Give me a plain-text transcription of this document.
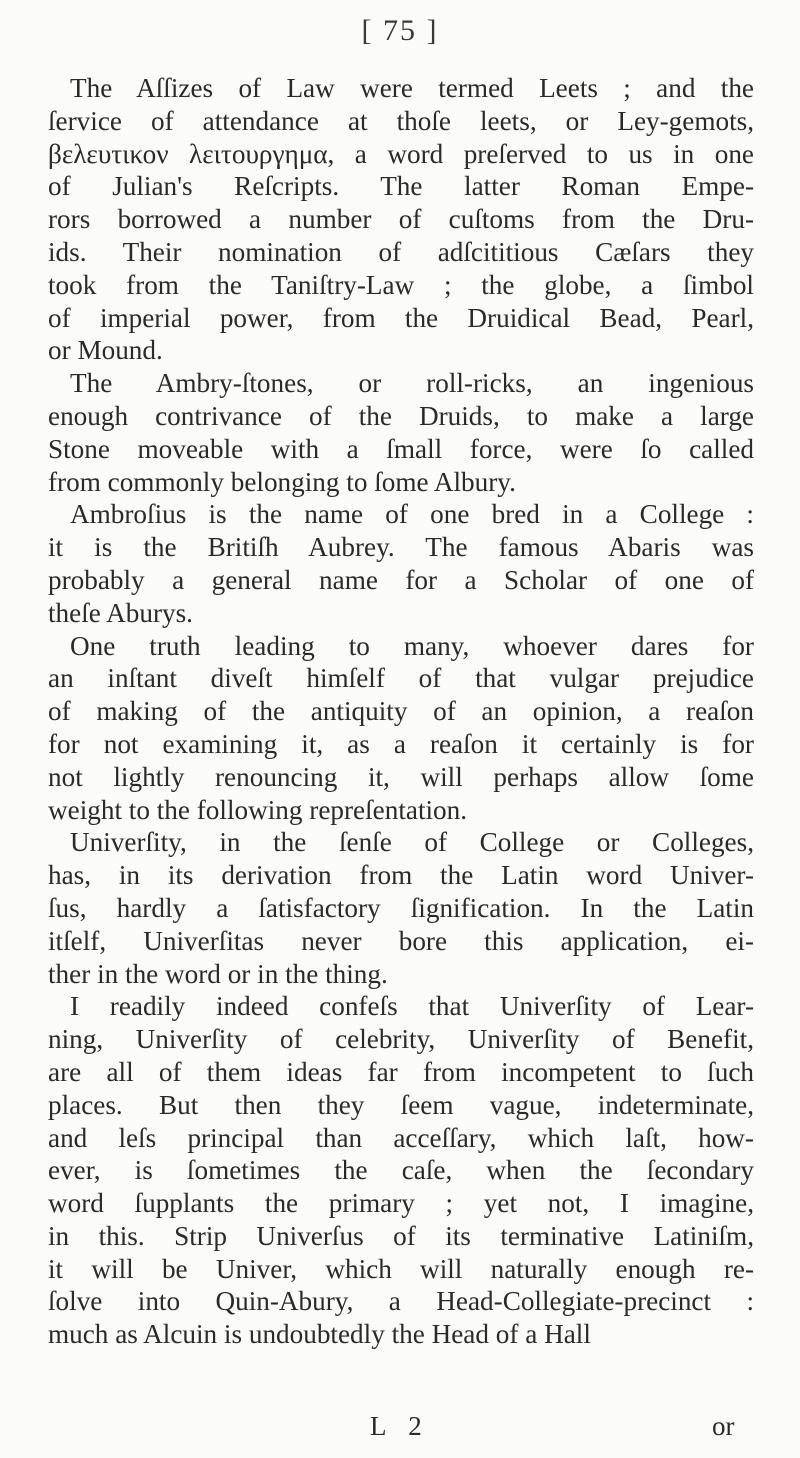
[ 75 ]
The Aſſizes of Law were termed Leets ; and the
ſervice of attendance at thoſe leets, or Ley-gemots,
βελευτικον λειτουργημα, a word preſerved to us in one
of Julian's Reſcripts. The latter Roman Empe-
rors borrowed a number of cuſtoms from the Dru-
ids. Their nomination of adſcititious Cæſars they
took from the Taniſtry-Law ; the globe, a ſimbol
of imperial power, from the Druidical Bead, Pearl,
or Mound.
The Ambry-ſtones, or roll-ricks, an ingenious
enough contrivance of the Druids, to make a large
Stone moveable with a ſmall force, were ſo called
from commonly belonging to ſome Albury.
Ambroſius is the name of one bred in a College :
it is the Britiſh Aubrey. The famous Abaris was
probably a general name for a Scholar of one of
theſe Aburys.
One truth leading to many, whoever dares for
an inſtant diveſt himſelf of that vulgar prejudice
of making of the antiquity of an opinion, a reaſon
for not examining it, as a reaſon it certainly is for
not lightly renouncing it, will perhaps allow ſome
weight to the following repreſentation.
Univerſity, in the ſenſe of College or Colleges,
has, in its derivation from the Latin word Univer-
ſus, hardly a ſatisfactory ſignification. In the Latin
itſelf, Univerſitas never bore this application, ei-
ther in the word or in the thing.
I readily indeed confeſs that Univerſity of Lear-
ning, Univerſity of celebrity, Univerſity of Benefit,
are all of them ideas far from incompetent to ſuch
places. But then they ſeem vague, indeterminate,
and leſs principal than acceſſary, which laſt, how-
ever, is ſometimes the caſe, when the ſecondary
word ſupplants the primary ; yet not, I imagine,
in this. Strip Univerſus of its terminative Latiniſm,
it will be Univer, which will naturally enough re-
ſolve into Quin-Abury, a Head-Collegiate-precinct :
much as Alcuin is undoubtedly the Head of a Hall
L 2	or
